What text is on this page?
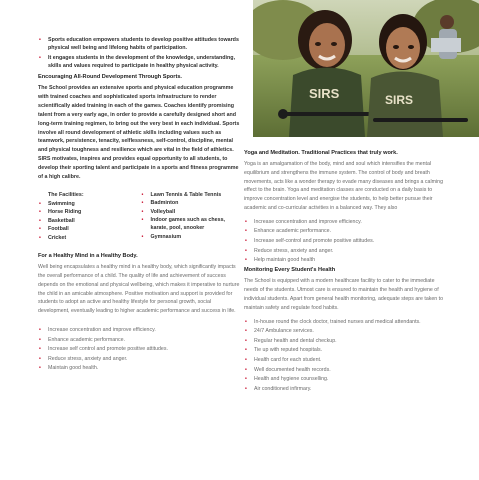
SIRS	SIRS
• Sports education empowers students to develop positive attitudes towards physical well being and lifelong habits of participation.
• It engages students in the development of the knowledge, understanding, skills and values required to participate in healthy physical activity.
Encouraging All-Round Development Through Sports.

The School provides an extensive sports and physical education programme with trained coaches and sophisticated sports infrastructure to render scientifically aided training in each of the games. Coaches identify promising talent from a very early age, in order to provide a carefully designed short and long-term training regimen, to bring out the very best in each individual. Sports involve all round development of athletic skills including values such as teamwork, persistence, tenacity, selflessness, self-control, discipline, mental and physical toughness and resilience which are vital in the field of athletics. SIRS motivates, inspires and provides equal opportunity to all students, to develop their sporting talent and participate in a sports and fitness programme of a high calibre.

The Facilities:
• Swimming
• Horse Riding
• Basketball
• Football
• Cricket
• Lawn Tennis & Table Tennis
• Badminton
• Volleyball
• Indoor games such as chess, karate, pool, snooker
• Gymnasium
For a Healthy Mind in a Healthy Body.

Well being encapsulates a healthy mind in a healthy body, which significantly impacts the overall performance of a child. The quality of life and achievement of success depends on the emotional and physical wellbeing, which makes it imperative to nurture the child in an amicable atmosphere. Positive motivation and support is provided for students to adopt an active and healthy lifestyle for personal growth, social development, eventually leading to higher academic performance and success in life.

• Increase concentration and improve efficiency.
• Enhance academic performance.
• Increase self control and promote positive attitudes.
• Reduce stress, anxiety and anger.
• Maintain good health.
Yoga and Meditation. Traditional Practices that truly work.

Yoga is an amalgamation of the body, mind and soul which intensifies the mental equilibrium and strengthens the immune system. The control of body and breath movements, acts like a wonder therapy to evade many diseases and brings a calming effect to the brain. Yoga and meditation classes are conducted on a daily basis to improve concentration level and energise the students, to help better pursue their academic and co-curricular activities in a balanced way. They also

• Increase concentration and improve efficiency.
• Enhance academic performance.
• Increase self-control and promote positive attitudes.
• Reduce stress, anxiety and anger.
• Help maintain good health
Monitoring Every Student's Health

The School is equipped with a modern healthcare facility to cater to the immediate needs of the students. Utmost care is ensured to maintain the health and hygiene of individual students. Apart from general health monitoring, adequate steps are taken to maintain safety and regulate food habits.

• In-house round the clock doctor, trained nurses and medical attendants.
• 24/7 Ambulance services.
• Regular health and dental checkup.
• Tie up with reputed hospitals.
• Health card for each student.
• Well documented health records.
• Health and hygiene counselling.
• Air conditioned infirmary.
